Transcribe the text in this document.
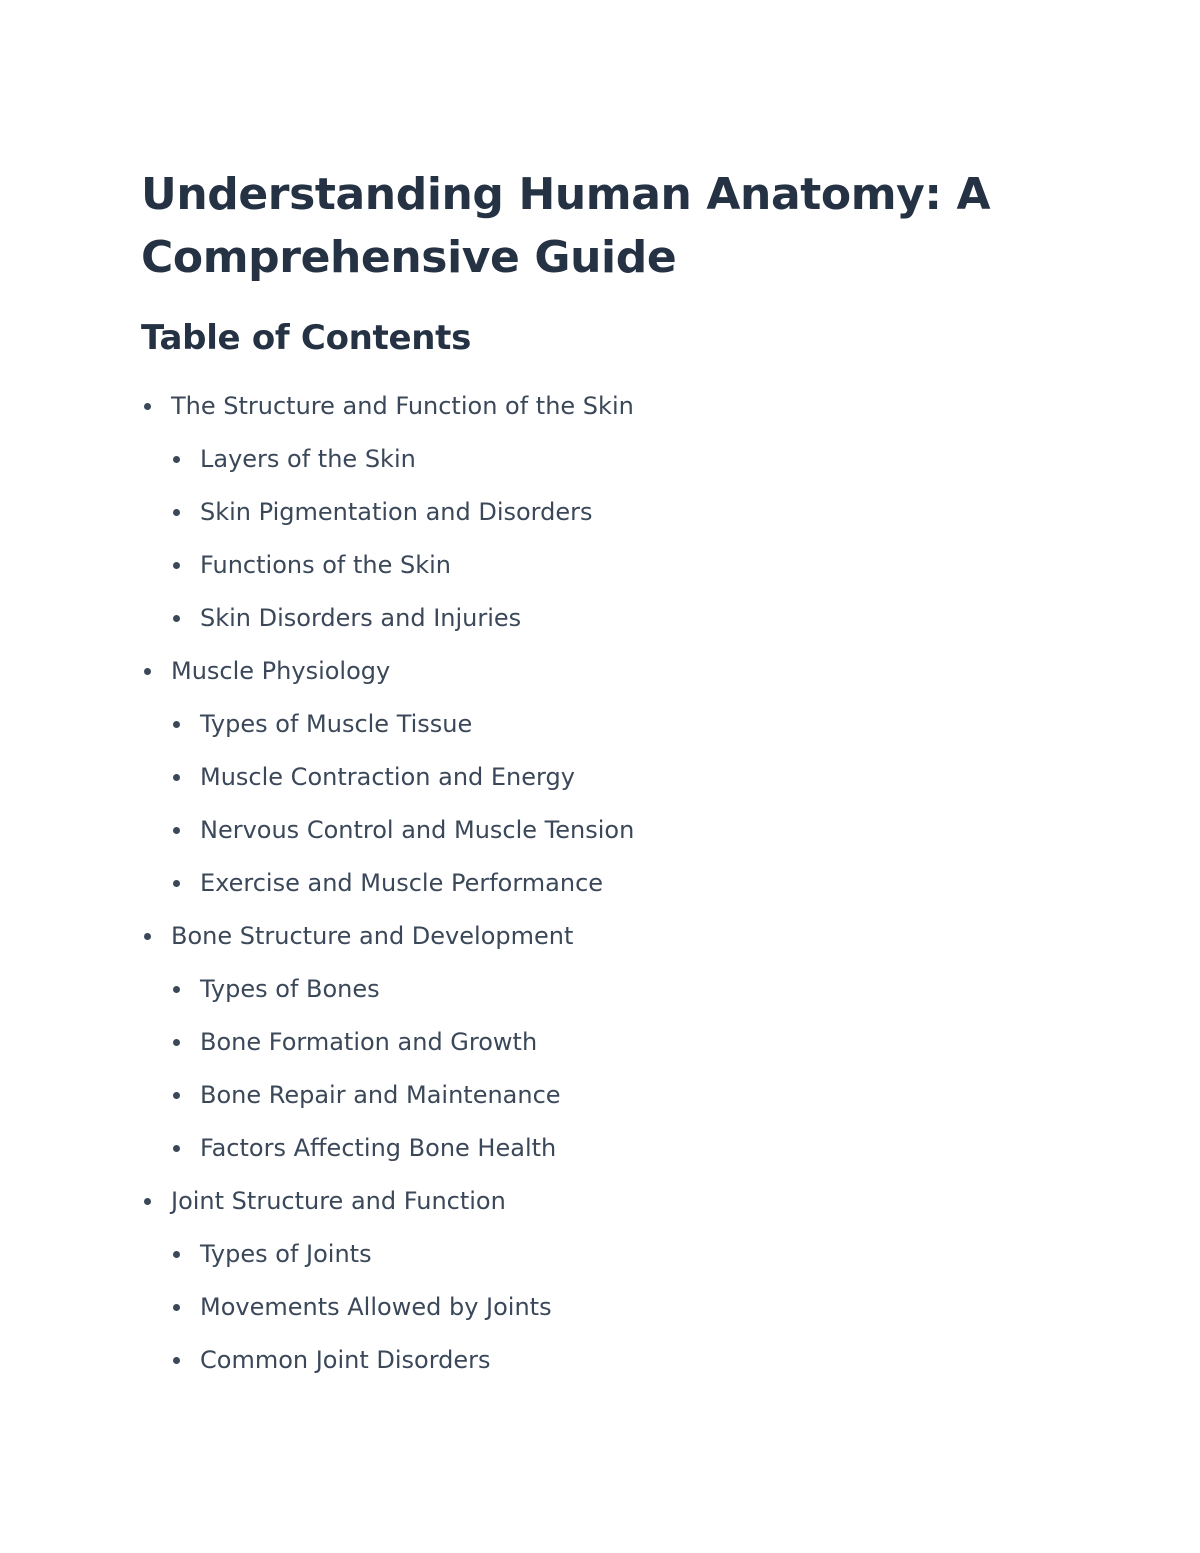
Understanding Human Anatomy: A Comprehensive Guide
Table of Contents
The Structure and Function of the Skin
Layers of the Skin
Skin Pigmentation and Disorders
Functions of the Skin
Skin Disorders and Injuries
Muscle Physiology
Types of Muscle Tissue
Muscle Contraction and Energy
Nervous Control and Muscle Tension
Exercise and Muscle Performance
Bone Structure and Development
Types of Bones
Bone Formation and Growth
Bone Repair and Maintenance
Factors Affecting Bone Health
Joint Structure and Function
Types of Joints
Movements Allowed by Joints
Common Joint Disorders
